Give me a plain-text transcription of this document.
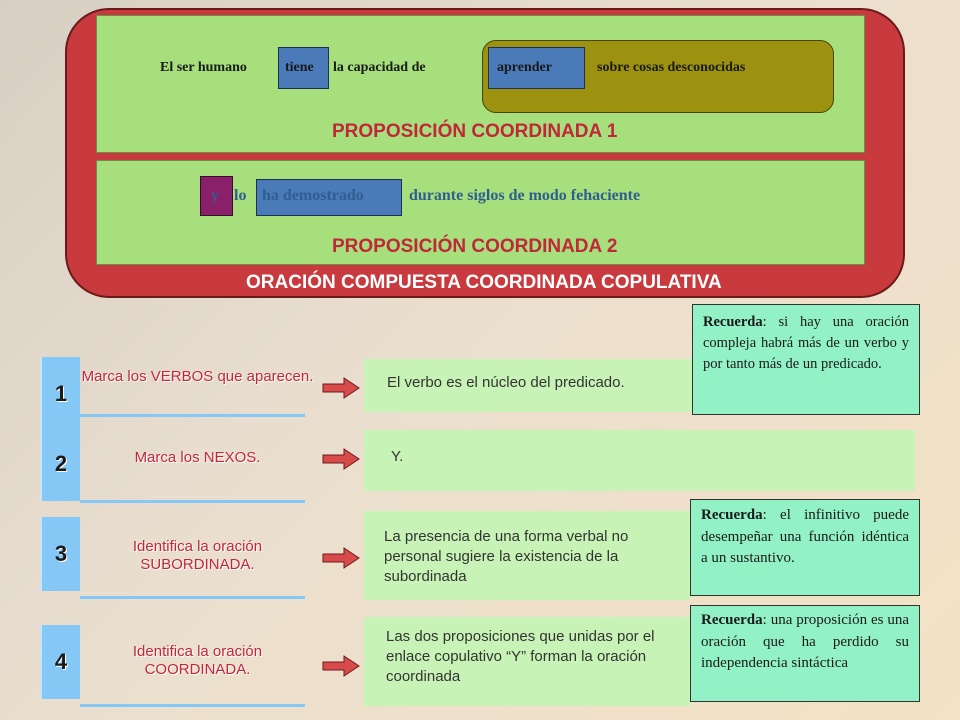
El ser humano	tiene la capacidad de	aprender	sobre cosas desconocidas
PROPOSICIÓN COORDINADA 1
y lo ha demostrado	durante siglos de modo fehaciente
PROPOSICIÓN COORDINADA 2
ORACIÓN COMPUESTA COORDINADA COPULATIVA
1
Marca los VERBOS que aparecen.	El verbo es el núcleo del predicado.
Recuerda: si hay una oración compleja habrá más de un verbo y por tanto más de un predicado.
2	Marca los NEXOS.	Y.
3	Identifica la oración SUBORDINADA.
La presencia de una forma verbal no personal sugiere la existencia de la subordinada
Recuerda: el infinitivo puede desempeñar una función idéntica a un sustantivo.
4	Identifica la oración COORDINADA.
Las dos proposiciones que unidas por el enlace copulativo “Y” forman la oración coordinada
Recuerda: una proposición es una oración que ha perdido su independencia sintáctica
